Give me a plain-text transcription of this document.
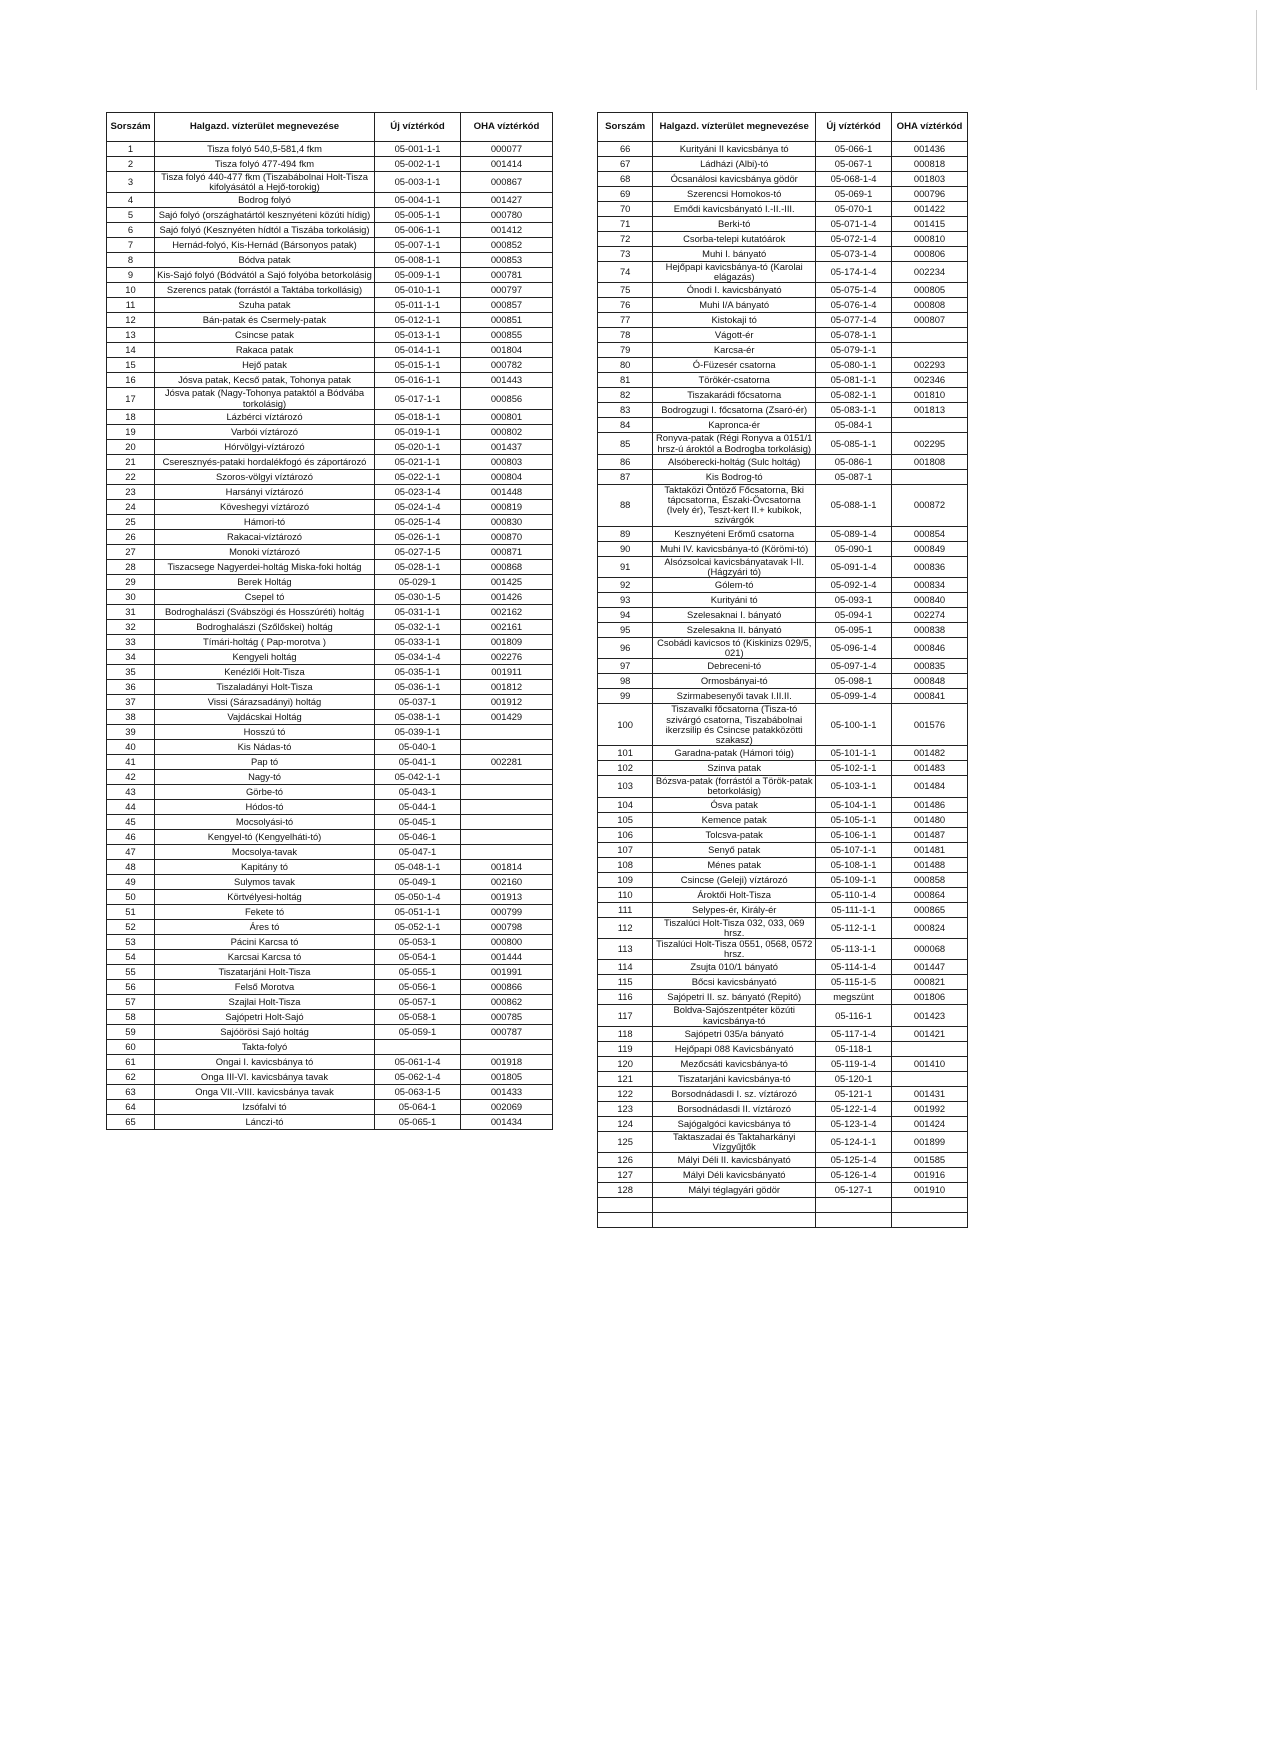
Sorszám	Halgazd. vízterület megnevezése	Új víztérkód	OHA víztérkód
1	Tisza folyó 540,5-581,4 fkm	05-001-1-1	000077
2	Tisza folyó 477-494 fkm	05-002-1-1	001414
3	Tisza folyó 440-477 fkm (Tiszabábolnai Holt-Tisza kifolyásától a Hejő-torokig)	05-003-1-1	000867
4	Bodrog folyó	05-004-1-1	001427
5	Sajó folyó (országhatártól kesznyéteni közúti hídig)	05-005-1-1	000780
6	Sajó folyó (Kesznyéten hídtól a Tiszába torkolásig)	05-006-1-1	001412
7	Hernád-folyó, Kis-Hernád (Bársonyos patak)	05-007-1-1	000852
8	Bódva patak	05-008-1-1	000853
9	Kis-Sajó folyó (Bódvától a Sajó folyóba betorkolásig	05-009-1-1	000781
10	Szerencs patak (forrástól a Taktába torkollásig)	05-010-1-1	000797
11	Szuha patak	05-011-1-1	000857
12	Bán-patak és Csermely-patak	05-012-1-1	000851
13	Csincse patak	05-013-1-1	000855
14	Rakaca patak	05-014-1-1	001804
15	Hejő patak	05-015-1-1	000782
16	Jósva patak, Kecső patak, Tohonya patak	05-016-1-1	001443
17	Jósva patak (Nagy-Tohonya pataktól a Bódvába torkolásig)	05-017-1-1	000856
18	Lázbérci víztározó	05-018-1-1	000801
19	Varbói víztározó	05-019-1-1	000802
20	Hórvölgyi-víztározó	05-020-1-1	001437
21	Cseresznyés-pataki hordalékfogó és záportározó	05-021-1-1	000803
22	Szoros-völgyi víztározó	05-022-1-1	000804
23	Harsányi víztározó	05-023-1-4	001448
24	Köveshegyi víztározó	05-024-1-4	000819
25	Hámori-tó	05-025-1-4	000830
26	Rakacai-víztározó	05-026-1-1	000870
27	Monoki víztározó	05-027-1-5	000871
28	Tiszacsege Nagyerdei-holtág Miska-foki holtág	05-028-1-1	000868
29	Berek Holtág	05-029-1	001425
30	Csepel tó	05-030-1-5	001426
31	Bodroghalászi (Svábszögi és Hosszúréti) holtág	05-031-1-1	002162
32	Bodroghalászi (Szőlőskei) holtág	05-032-1-1	002161
33	Tímári-holtág ( Pap-morotva )	05-033-1-1	001809
34	Kengyeli holtág	05-034-1-4	002276
35	Kenézlői Holt-Tisza	05-035-1-1	001911
36	Tiszaladányi Holt-Tisza	05-036-1-1	001812
37	Vissi (Sárazsadányi) holtág	05-037-1	001912
38	Vajdácskai Holtág	05-038-1-1	001429
39	Hosszú tó	05-039-1-1	
40	Kis Nádas-tó	05-040-1	
41	Pap tó	05-041-1	002281
42	Nagy-tó	05-042-1-1	
43	Görbe-tó	05-043-1	
44	Hódos-tó	05-044-1	
45	Mocsolyási-tó	05-045-1	
46	Kengyel-tó (Kengyelháti-tó)	05-046-1	
47	Mocsolya-tavak	05-047-1	
48	Kapitány tó	05-048-1-1	001814
49	Sulymos tavak	05-049-1	002160
50	Körtvélyesi-holtág	05-050-1-4	001913
51	Fekete tó	05-051-1-1	000799
52	Áres tó	05-052-1-1	000798
53	Pácini Karcsa tó	05-053-1	000800
54	Karcsai Karcsa tó	05-054-1	001444
55	Tiszatarjáni Holt-Tisza	05-055-1	001991
56	Felső Morotva	05-056-1	000866
57	Szajlai Holt-Tisza	05-057-1	000862
58	Sajópetri Holt-Sajó	05-058-1	000785
59	Sajóörösi Sajó holtág	05-059-1	000787
60	Takta-folyó		
61	Ongai I. kavicsbánya tó	05-061-1-4	001918
62	Onga III-VI. kavicsbánya tavak	05-062-1-4	001805
63	Onga VII.-VIII. kavicsbánya tavak	05-063-1-5	001433
64	Izsófalvi tó	05-064-1	002069
65	Lánczi-tó	05-065-1	001434
Sorszám	Halgazd. vízterület megnevezése	Új víztérkód	OHA víztérkód
66	Kurityáni II kavicsbánya tó	05-066-1	001436
67	Ládházi (Albi)-tó	05-067-1	000818
68	Ócsanálosi kavicsbánya gödör	05-068-1-4	001803
69	Szerencsi Homokos-tó	05-069-1	000796
70	Emődi kavicsbányató I.-II.-III.	05-070-1	001422
71	Berki-tó	05-071-1-4	001415
72	Csorba-telepi kutatóárok	05-072-1-4	000810
73	Muhi I. bányató	05-073-1-4	000806
74	Hejőpapi kavicsbánya-tó (Karolai elágazás)	05-174-1-4	002234
75	Ónodi I. kavicsbányató	05-075-1-4	000805
76	Muhi I/A bányató	05-076-1-4	000808
77	Kistokaji tó	05-077-1-4	000807
78	Vágott-ér	05-078-1-1	
79	Karcsa-ér	05-079-1-1	
80	Ó-Füzesér csatorna	05-080-1-1	002293
81	Törökér-csatorna	05-081-1-1	002346
82	Tiszakarádi főcsatorna	05-082-1-1	001810
83	Bodrogzugi I. főcsatorna (Zsaró-ér)	05-083-1-1	001813
84	Kapronca-ér	05-084-1	
85	Ronyva-patak (Régi Ronyva a 0151/1 hrsz-ú ároktól a Bodrogba torkolásig)	05-085-1-1	002295
86	Alsóberecki-holtág (Sulc holtág)	05-086-1	001808
87	Kis Bodrog-tó	05-087-1	
88	Taktaközi Öntöző Főcsatorna, Bki tápcsatorna, Északi-Övcsatorna (Ively ér), Teszt-kert II.+ kubikok, szivárgók	05-088-1-1	000872
89	Kesznyéteni Erőmű csatorna	05-089-1-4	000854
90	Muhi IV. kavicsbánya-tó (Körömi-tó)	05-090-1	000849
91	Alsózsolcai kavicsbányatavak I-II. (Hágzyári tó)	05-091-1-4	000836
92	Gólem-tó	05-092-1-4	000834
93	Kurityáni tó	05-093-1	000840
94	Szelesaknai I. bányató	05-094-1	002274
95	Szelesakna II. bányató	05-095-1	000838
96	Csobádi kavicsos tó (Kiskinizs 029/5, 021)	05-096-1-4	000846
97	Debreceni-tó	05-097-1-4	000835
98	Ormosbányai-tó	05-098-1	000848
99	Szirmabesenyői tavak I.II.II.	05-099-1-4	000841
100	Tiszavalki főcsatorna (Tisza-tó szivárgó csatorna, Tiszabábolnai ikerzsilip és Csincse patakközötti szakasz)	05-100-1-1	001576
101	Garadna-patak (Hámori tóig)	05-101-1-1	001482
102	Szinva patak	05-102-1-1	001483
103	Bózsva-patak (forrástól a Török-patak betorkolásig)	05-103-1-1	001484
104	Ósva patak	05-104-1-1	001486
105	Kemence patak	05-105-1-1	001480
106	Tolcsva-patak	05-106-1-1	001487
107	Senyő patak	05-107-1-1	001481
108	Ménes patak	05-108-1-1	001488
109	Csincse (Geleji) víztározó	05-109-1-1	000858
110	Ároktői Holt-Tisza	05-110-1-4	000864
111	Selypes-ér, Király-ér	05-111-1-1	000865
112	Tiszalúci Holt-Tisza 032, 033, 069 hrsz.	05-112-1-1	000824
113	Tiszalúci Holt-Tisza 0551, 0568, 0572 hrsz.	05-113-1-1	000068
114	Zsujta 010/1 bányató	05-114-1-4	001447
115	Bőcsi kavicsbányató	05-115-1-5	000821
116	Sajópetri II. sz. bányató (Repitó)	megszünt	001806
117	Boldva-Sajószentpéter közúti kavicsbánya-tó	05-116-1	001423
118	Sajópetri 035/a bányató	05-117-1-4	001421
119	Hejőpapi 088 Kavicsbányató	05-118-1	
120	Mezőcsáti kavicsbánya-tó	05-119-1-4	001410
121	Tiszatarjáni kavicsbánya-tó	05-120-1	
122	Borsodnádasdi I. sz. víztározó	05-121-1	001431
123	Borsodnádasdi II. víztározó	05-122-1-4	001992
124	Sajógalgóci kavicsbánya tó	05-123-1-4	001424
125	Taktaszadai és Taktaharkányi Vízgyűjtők	05-124-1-1	001899
126	Mályi Déli II. kavicsbányató	05-125-1-4	001585
127	Mályi Déli kavicsbányató	05-126-1-4	001916
128	Mályi téglagyári gödör	05-127-1	001910
